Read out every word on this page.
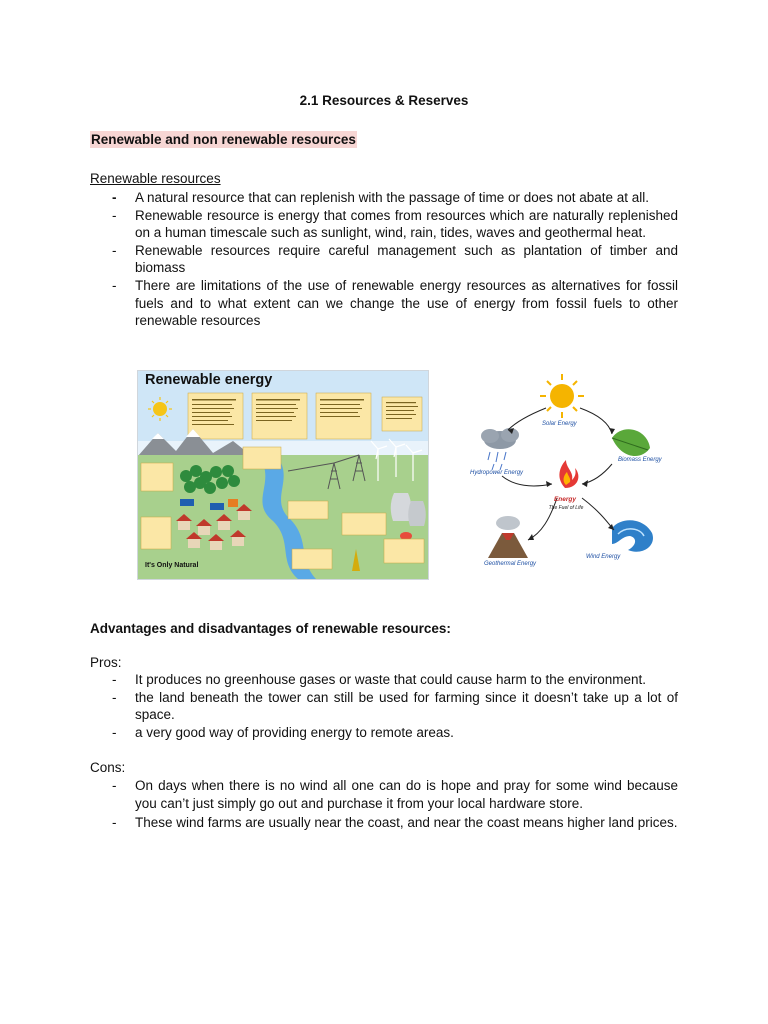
2.1 Resources & Reserves
Renewable and non renewable resources
Renewable resources
- A natural resource that can replenish with the passage of time or does not abate at all.
- Renewable resource is energy that comes from resources which are naturally replenished on a human timescale such as sunlight, wind, rain, tides, waves and geothermal heat.
- Renewable resources require careful management such as plantation of timber and biomass
- There are limitations of the use of renewable energy resources as alternatives for fossil fuels and to what extent can we change the use of energy from fossil fuels to other renewable resources
Renewable energy
It's Only Natural
Solar Energy
Biomass Energy
Hydropower Energy
Wind Energy
Geothermal Energy
Energy
The Fuel of Life
Advantages and disadvantages of renewable resources:
Pros:
- It produces no greenhouse gases or waste that could cause harm to the environment.
- the land beneath the tower can still be used for farming since it doesn’t take up a lot of space.
- a very good way of providing energy to remote areas.
Cons:
- On days when there is no wind all one can do is hope and pray for some wind because you can’t just simply go out and purchase it from your local hardware store.
- These wind farms are usually near the coast, and near the coast means higher land prices.
